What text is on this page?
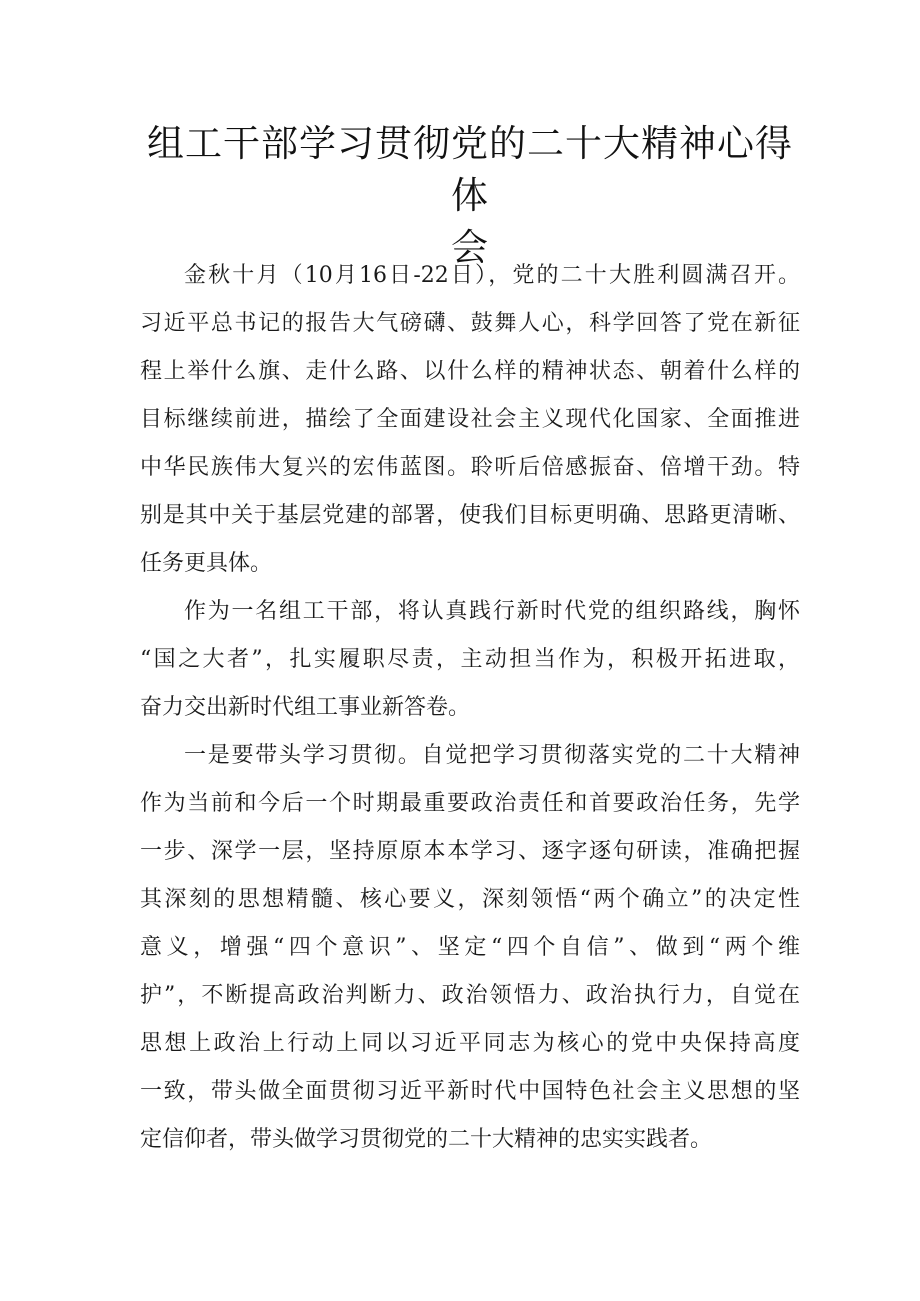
组工干部学习贯彻党的二十大精神心得体
会
金秋十月（10月16日-22日），党的二十大胜利圆满召开。
习近平总书记的报告大气磅礴、鼓舞人心，科学回答了党在新征
程上举什么旗、走什么路、以什么样的精神状态、朝着什么样的
目标继续前进，描绘了全面建设社会主义现代化国家、全面推进
中华民族伟大复兴的宏伟蓝图。聆听后倍感振奋、倍增干劲。特
别是其中关于基层党建的部署，使我们目标更明确、思路更清晰、
任务更具体。
作为一名组工干部，将认真践行新时代党的组织路线，胸怀
“国之大者”，扎实履职尽责，主动担当作为，积极开拓进取，
奋力交出新时代组工事业新答卷。
一是要带头学习贯彻。自觉把学习贯彻落实党的二十大精神
作为当前和今后一个时期最重要政治责任和首要政治任务，先学
一步、深学一层，坚持原原本本学习、逐字逐句研读，准确把握
其深刻的思想精髓、核心要义，深刻领悟“两个确立”的决定性
意义，增强“四个意识”、坚定“四个自信”、做到“两个维
护”，不断提高政治判断力、政治领悟力、政治执行力，自觉在
思想上政治上行动上同以习近平同志为核心的党中央保持高度
一致，带头做全面贯彻习近平新时代中国特色社会主义思想的坚
定信仰者，带头做学习贯彻党的二十大精神的忠实实践者。
